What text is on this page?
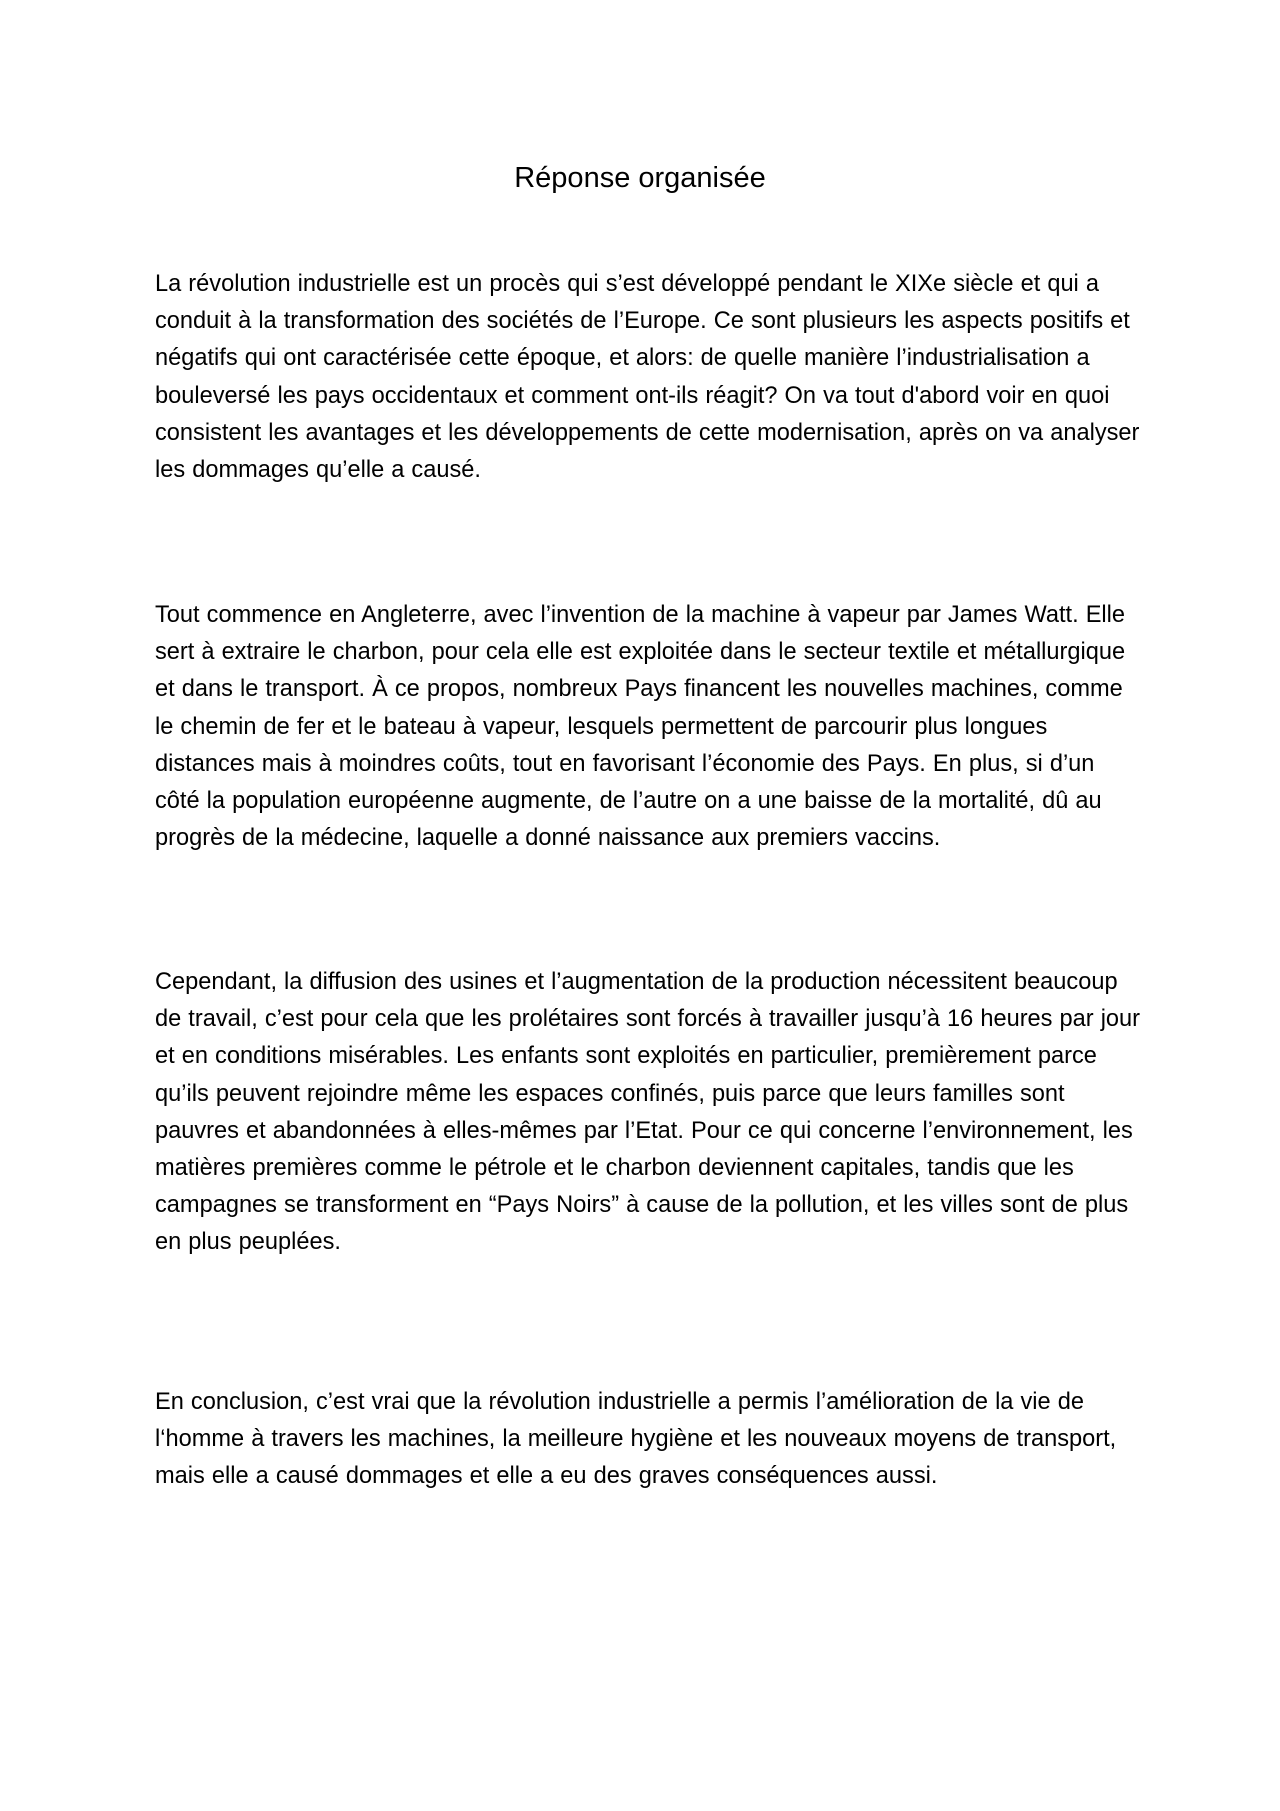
Réponse organisée

La révolution industrielle est un procès qui s’est développé pendant le XIXe siècle et qui a conduit à la transformation des sociétés de l’Europe. Ce sont plusieurs les aspects positifs et négatifs qui ont caractérisée cette époque, et alors: de quelle manière l’industrialisation a bouleversé les pays occidentaux et comment ont-ils réagit? On va tout d'abord voir en quoi consistent les avantages et les développements de cette modernisation, après on va analyser les dommages qu’elle a causé.

Tout commence en Angleterre, avec l’invention de la machine à vapeur par James Watt. Elle sert à extraire le charbon, pour cela elle est exploitée dans le secteur textile et métallurgique et dans le transport. À ce propos, nombreux Pays financent les nouvelles machines, comme le chemin de fer et le bateau à vapeur, lesquels permettent de parcourir plus longues distances mais à moindres coûts, tout en favorisant l’économie des Pays. En plus, si d’un côté la population européenne augmente, de l’autre on a une baisse de la mortalité, dû au progrès de la médecine, laquelle a donné naissance aux premiers vaccins.

Cependant, la diffusion des usines et l’augmentation de la production nécessitent beaucoup de travail, c’est pour cela que les prolétaires sont forcés à travailler jusqu’à 16 heures par jour et en conditions misérables. Les enfants sont exploités en particulier, premièrement parce qu’ils peuvent rejoindre même les espaces confinés, puis parce que leurs familles sont pauvres et abandonnées à elles-mêmes par l’Etat. Pour ce qui concerne l’environnement, les matières premières comme le pétrole et le charbon deviennent capitales, tandis que les campagnes se transforment en “Pays Noirs” à cause de la pollution, et les villes sont de plus en plus peuplées.

En conclusion, c’est vrai que la révolution industrielle a permis l’amélioration de la vie de l‘homme à travers les machines, la meilleure hygiène et les nouveaux moyens de transport, mais elle a causé dommages et elle a eu des graves conséquences aussi.
